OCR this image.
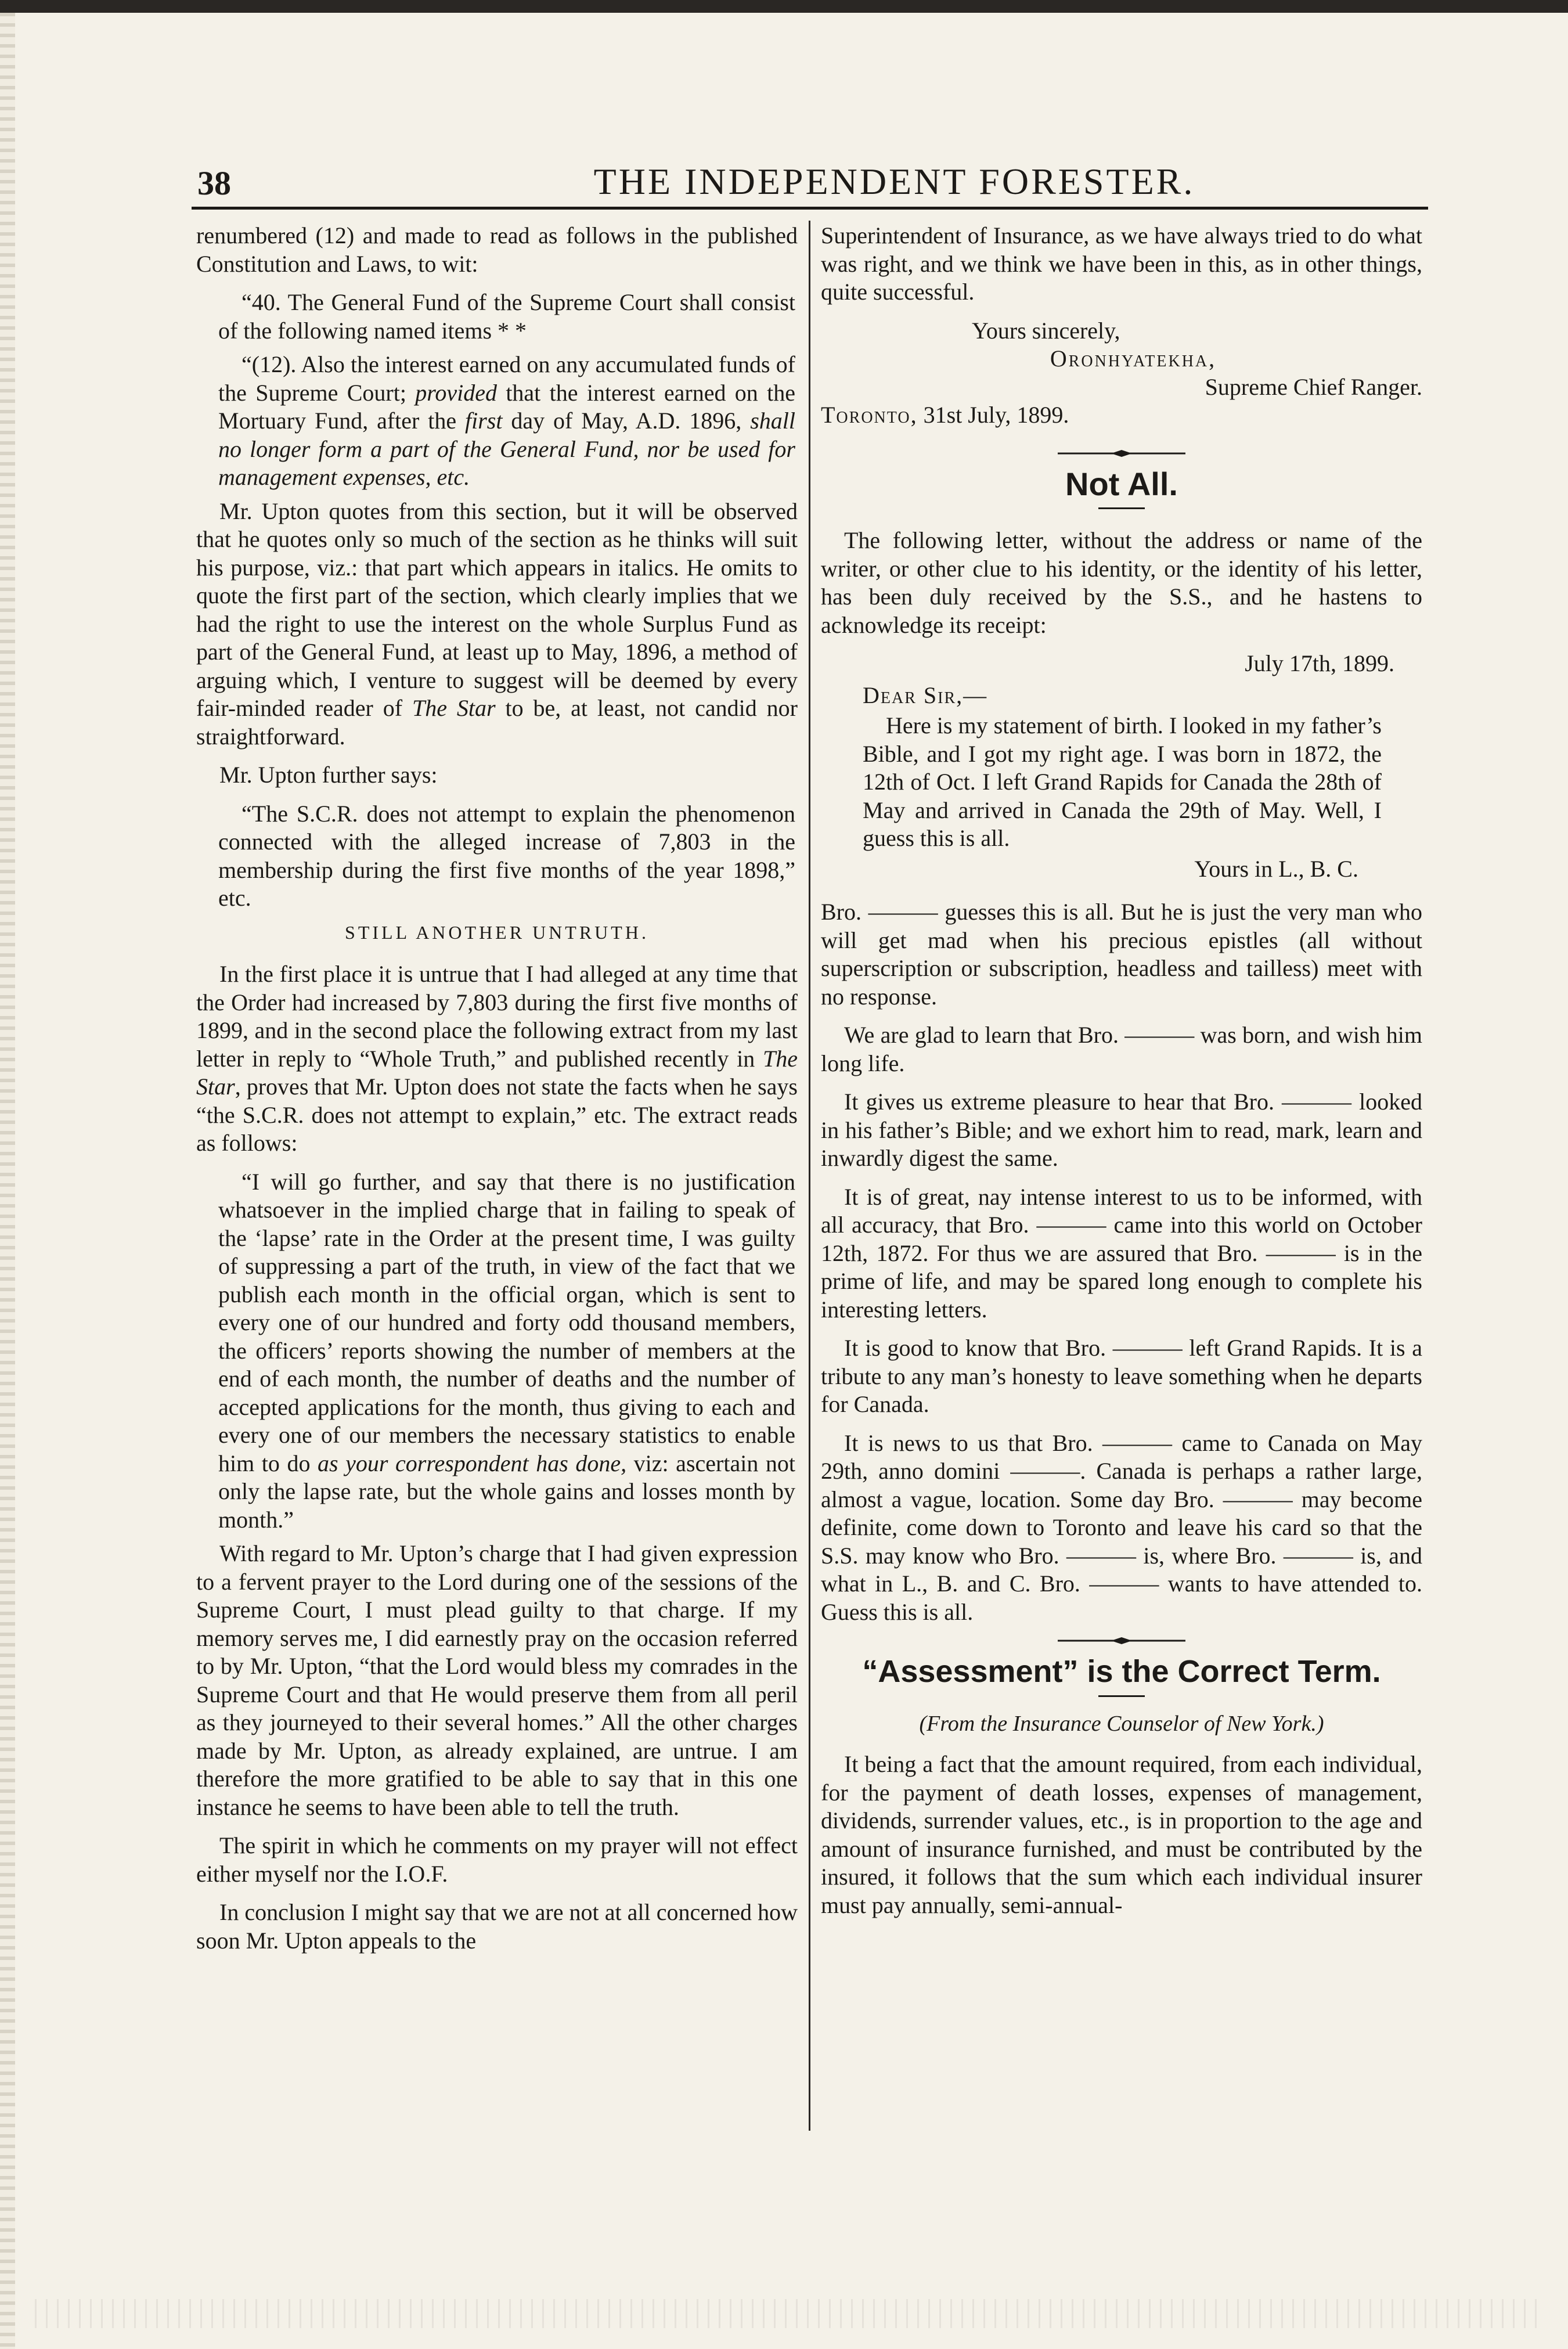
38	THE INDEPENDENT FORESTER.

renumbered (12) and made to read as follows in the published Constitution and Laws, to wit:

“40. The General Fund of the Supreme Court shall consist of the following named items * *

“(12). Also the interest earned on any accumulated funds of the Supreme Court; provided that the interest earned on the Mortuary Fund, after the first day of May, A.D. 1896, shall no longer form a part of the General Fund, nor be used for management expenses, etc.

Mr. Upton quotes from this section, but it will be observed that he quotes only so much of the section as he thinks will suit his purpose, viz.: that part which appears in italics. He omits to quote the first part of the section, which clearly implies that we had the right to use the interest on the whole Surplus Fund as part of the General Fund, at least up to May, 1896, a method of arguing which, I venture to suggest will be deemed by every fair-minded reader of The Star to be, at least, not candid nor straightforward.

Mr. Upton further says:

“The S.C.R. does not attempt to explain the phenomenon connected with the alleged increase of 7,803 in the membership during the first five months of the year 1898,” etc.

STILL ANOTHER UNTRUTH.

In the first place it is untrue that I had alleged at any time that the Order had increased by 7,803 during the first five months of 1899, and in the second place the following extract from my last letter in reply to “Whole Truth,” and published recently in The Star, proves that Mr. Upton does not state the facts when he says “the S.C.R. does not attempt to explain,” etc. The extract reads as follows:

“I will go further, and say that there is no justification whatsoever in the implied charge that in failing to speak of the ‘lapse’ rate in the Order at the present time, I was guilty of suppressing a part of the truth, in view of the fact that we publish each month in the official organ, which is sent to every one of our hundred and forty odd thousand members, the officers’ reports showing the number of members at the end of each month, the number of deaths and the number of accepted applications for the month, thus giving to each and every one of our members the necessary statistics to enable him to do as your correspondent has done, viz: ascertain not only the lapse rate, but the whole gains and losses month by month.”

With regard to Mr. Upton’s charge that I had given expression to a fervent prayer to the Lord during one of the sessions of the Supreme Court, I must plead guilty to that charge. If my memory serves me, I did earnestly pray on the occasion referred to by Mr. Upton, “that the Lord would bless my comrades in the Supreme Court and that He would preserve them from all peril as they journeyed to their several homes.” All the other charges made by Mr. Upton, as already explained, are untrue. I am therefore the more gratified to be able to say that in this one instance he seems to have been able to tell the truth.

The spirit in which he comments on my prayer will not effect either myself nor the I.O.F.

In conclusion I might say that we are not at all concerned how soon Mr. Upton appeals to the

Superintendent of Insurance, as we have always tried to do what was right, and we think we have been in this, as in other things, quite successful.

Yours sincerely,

Oronhyatekha,

Supreme Chief Ranger.

Toronto, 31st July, 1899.

Not All.

The following letter, without the address or name of the writer, or other clue to his identity, or the identity of his letter, has been duly received by the S.S., and he hastens to acknowledge its receipt:

July 17th, 1899.

Dear Sir,—

Here is my statement of birth. I looked in my father’s Bible, and I got my right age. I was born in 1872, the 12th of Oct. I left Grand Rapids for Canada the 28th of May and arrived in Canada the 29th of May. Well, I guess this is all.

Yours in L., B. C.

Bro. ——— guesses this is all. But he is just the very man who will get mad when his precious epistles (all without superscription or subscription, headless and tailless) meet with no response.

We are glad to learn that Bro. ——— was born, and wish him long life.

It gives us extreme pleasure to hear that Bro. ——— looked in his father’s Bible; and we exhort him to read, mark, learn and inwardly digest the same.

It is of great, nay intense interest to us to be informed, with all accuracy, that Bro. ——— came into this world on October 12th, 1872. For thus we are assured that Bro. ——— is in the prime of life, and may be spared long enough to complete his interesting letters.

It is good to know that Bro. ——— left Grand Rapids. It is a tribute to any man’s honesty to leave something when he departs for Canada.

It is news to us that Bro. ——— came to Canada on May 29th, anno domini ———. Canada is perhaps a rather large, almost a vague, location. Some day Bro. ——— may become definite, come down to Toronto and leave his card so that the S.S. may know who Bro. ——— is, where Bro. ——— is, and what in L., B. and C. Bro. ——— wants to have attended to. Guess this is all.

“Assessment” is the Correct Term.
(From the Insurance Counselor of New York.)

It being a fact that the amount required, from each individual, for the payment of death losses, expenses of management, dividends, surrender values, etc., is in proportion to the age and amount of insurance furnished, and must be contributed by the insured, it follows that the sum which each individual insurer must pay annually, semi-annual-
